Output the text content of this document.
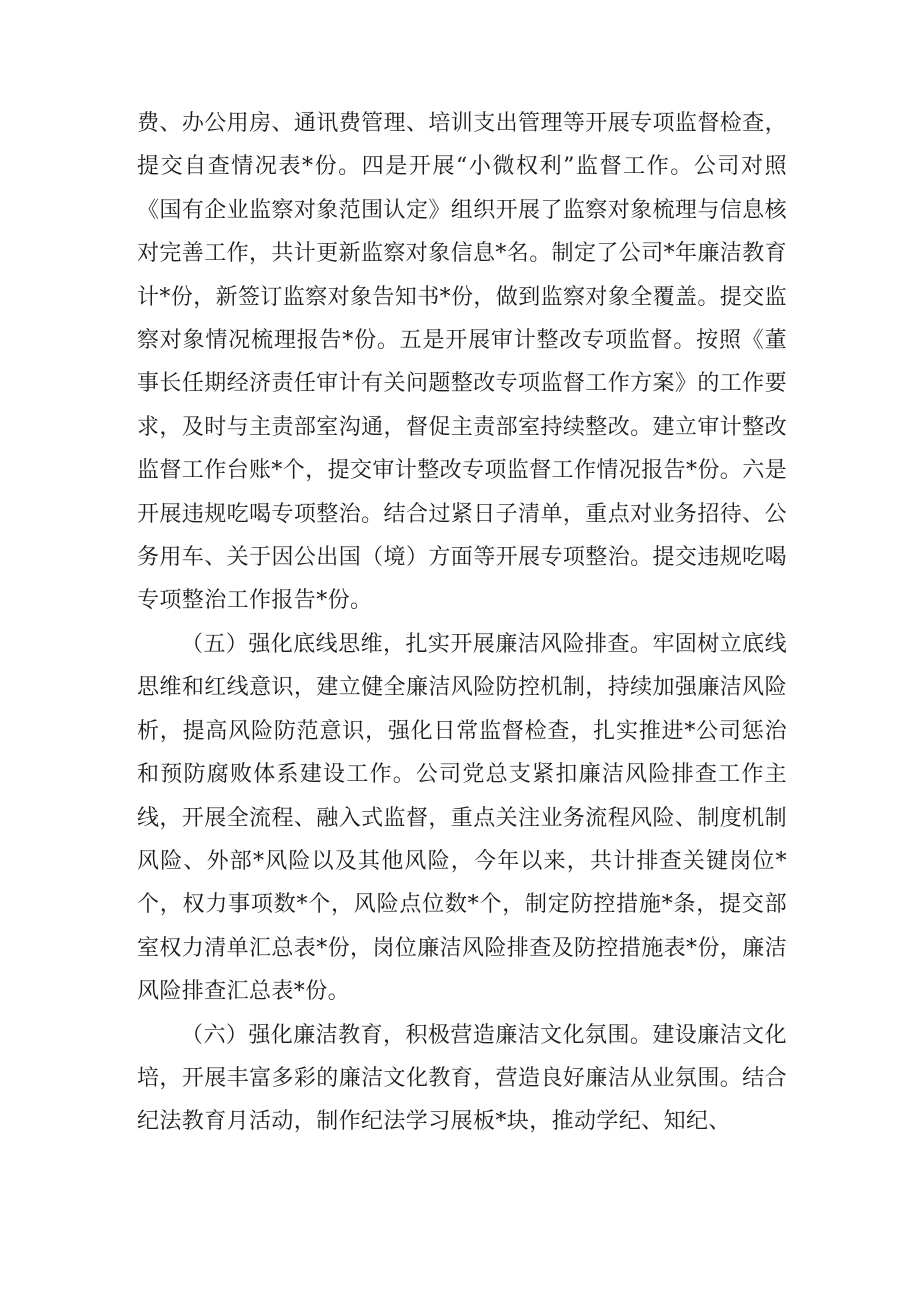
费、办公用房、通讯费管理、培训支出管理等开展专项监督检查，提交自查情况表*份。四是开展“小微权利”监督工作。公司对照《国有企业监察对象范围认定》组织开展了监察对象梳理与信息核对完善工作，共计更新监察对象信息*名。制定了公司*年廉洁教育计*份，新签订监察对象告知书*份，做到监察对象全覆盖。提交监察对象情况梳理报告*份。五是开展审计整改专项监督。按照《董事长任期经济责任审计有关问题整改专项监督工作方案》的工作要求，及时与主责部室沟通，督促主责部室持续整改。建立审计整改监督工作台账*个，提交审计整改专项监督工作情况报告*份。六是开展违规吃喝专项整治。结合过紧日子清单，重点对业务招待、公务用车、关于因公出国（境）方面等开展专项整治。提交违规吃喝专项整治工作报告*份。

（五）强化底线思维，扎实开展廉洁风险排查。牢固树立底线思维和红线意识，建立健全廉洁风险防控机制，持续加强廉洁风险析，提高风险防范意识，强化日常监督检查，扎实推进*公司惩治和预防腐败体系建设工作。公司党总支紧扣廉洁风险排查工作主线，开展全流程、融入式监督，重点关注业务流程风险、制度机制风险、外部*风险以及其他风险，今年以来，共计排查关键岗位*个，权力事项数*个，风险点位数*个，制定防控措施*条，提交部室权力清单汇总表*份，岗位廉洁风险排查及防控措施表*份，廉洁风险排查汇总表*份。

（六）强化廉洁教育，积极营造廉洁文化氛围。建设廉洁文化培，开展丰富多彩的廉洁文化教育，营造良好廉洁从业氛围。结合纪法教育月活动，制作纪法学习展板*块，推动学纪、知纪、
